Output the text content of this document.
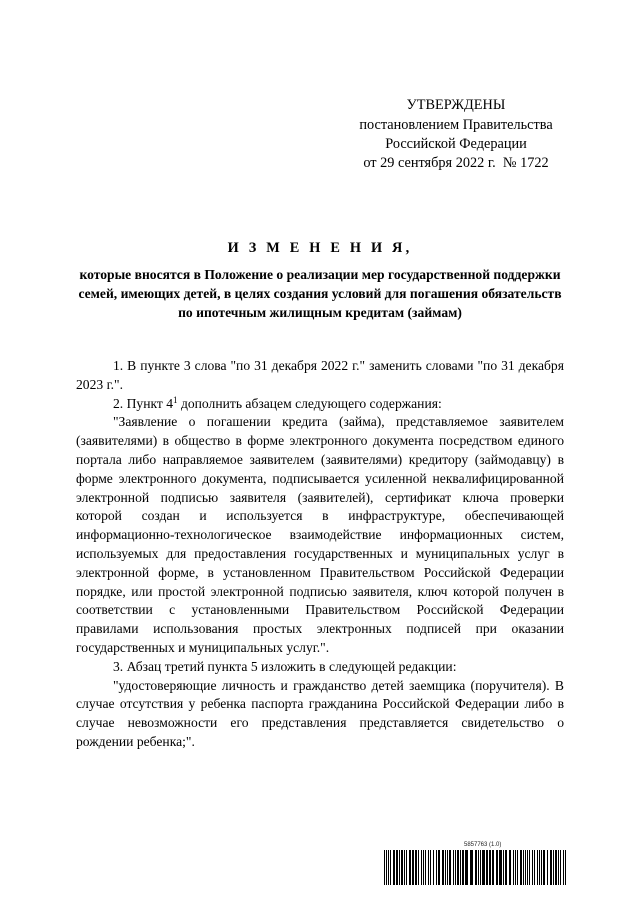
УТВЕРЖДЕНЫ
постановлением Правительства
Российской Федерации
от 29 сентября 2022 г.  № 1722
И З М Е Н Е Н И Я,
которые вносятся в Положение о реализации мер государственной поддержки семей, имеющих детей, в целях создания условий для погашения обязательств по ипотечным жилищным кредитам (займам)

1. В пункте 3 слова "по 31 декабря 2022 г." заменить словами "по 31 декабря 2023 г.".

2. Пункт $4^1$ дополнить абзацем следующего содержания:

"Заявление о погашении кредита (займа), представляемое заявителем (заявителями) в общество в форме электронного документа посредством единого портала либо направляемое заявителем (заявителями) кредитору (займодавцу) в форме электронного документа, подписывается усиленной неквалифицированной электронной подписью заявителя (заявителей), сертификат ключа проверки которой создан и используется в инфраструктуре, обеспечивающей информационно-технологическое взаимодействие информационных систем, используемых для предоставления государственных и муниципальных услуг в электронной форме, в установленном Правительством Российской Федерации порядке, или простой электронной подписью заявителя, ключ которой получен в соответствии с установленными Правительством Российской Федерации правилами использования простых электронных подписей при оказании государственных и муниципальных услуг.".

3. Абзац третий пункта 5 изложить в следующей редакции:

"удостоверяющие личность и гражданство детей заемщика (поручителя). В случае отсутствия у ребенка паспорта гражданина Российской Федерации либо в случае невозможности его представления представляется свидетельство о рождении ребенка;".

5857763 (1.0)
